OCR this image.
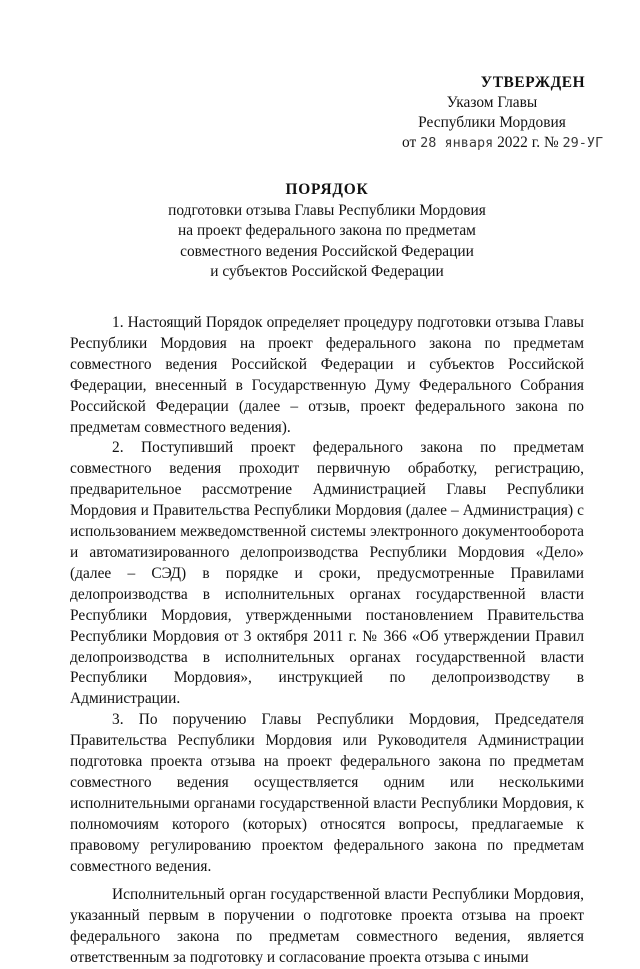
УТВЕРЖДЕН
Указом Главы
Республики Мордовия
от 28 января 2022 г. № 29-УГ
ПОРЯДОК
подготовки отзыва Главы Республики Мордовия
на проект федерального закона по предметам
совместного ведения Российской Федерации
и субъектов Российской Федерации

1. Настоящий Порядок определяет процедуру подготовки отзыва Главы Республики Мордовия на проект федерального закона по предметам совместного ведения Российской Федерации и субъектов Российской Федерации, внесенный в Государственную Думу Федерального Собрания Российской Федерации (далее – отзыв, проект федерального закона по предметам совместного ведения).

2. Поступивший проект федерального закона по предметам совместного ведения проходит первичную обработку, регистрацию, предварительное рассмотрение Администрацией Главы Республики Мордовия и Правительства Республики Мордовия (далее – Администрация) с использованием межведомственной системы электронного документооборота и автоматизированного делопроизводства Республики Мордовия «Дело» (далее – СЭД) в порядке и сроки, предусмотренные Правилами делопроизводства в исполнительных органах государственной власти Республики Мордовия, утвержденными постановлением Правительства Республики Мордовия от 3 октября 2011 г. № 366 «Об утверждении Правил делопроизводства в исполнительных органах государственной власти Республики Мордовия», инструкцией по делопроизводству в Администрации.

3. По поручению Главы Республики Мордовия, Председателя Правительства Республики Мордовия или Руководителя Администрации подготовка проекта отзыва на проект федерального закона по предметам совместного ведения осуществляется одним или несколькими исполнительными органами государственной власти Республики Мордовия, к полномочиям которого (которых) относятся вопросы, предлагаемые к правовому регулированию проектом федерального закона по предметам совместного ведения.

Исполнительный орган государственной власти Республики Мордовия, указанный первым в поручении о подготовке проекта отзыва на проект федерального закона по предметам совместного ведения, является ответственным за подготовку и согласование проекта отзыва с иными
